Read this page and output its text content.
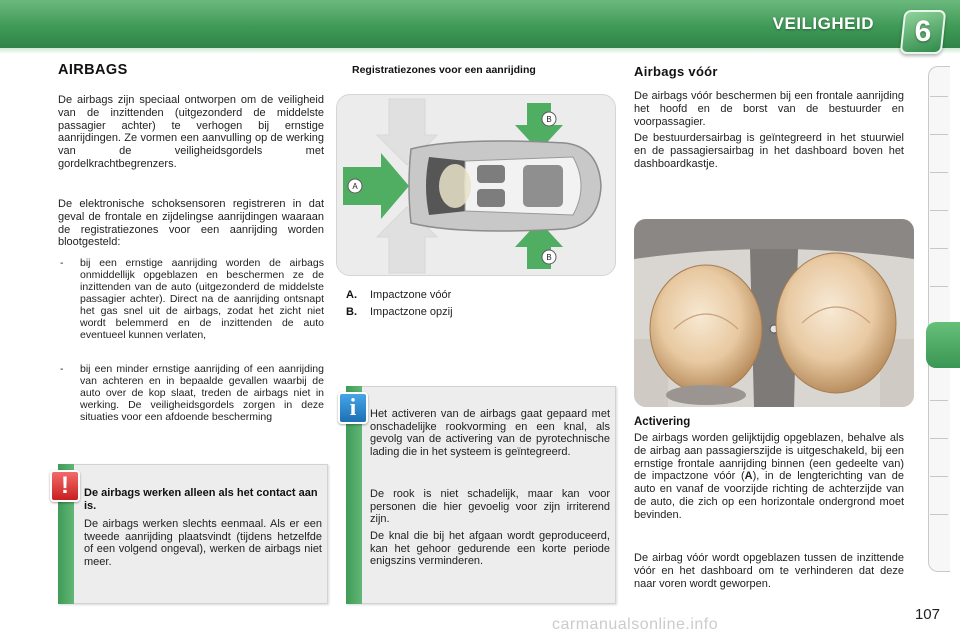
VEILIGHEID	6
AIRBAGS
De airbags zijn speciaal ontworpen om de veiligheid van de inzittenden (uitgezonderd de middelste passagier achter) te verhogen bij ernstige aanrijdingen. Ze vormen een aanvulling op de werking van de veiligheidsgordels met gordelkrachtbegrenzers.
De elektronische schoksensoren registreren in dat geval de frontale en zijdelingse aanrijdingen waaraan de registratiezones voor een aanrijding worden blootgesteld:
-	bij een ernstige aanrijding worden de airbags onmiddellijk opgeblazen en beschermen ze de inzittenden van de auto (uitgezonderd de middelste passagier achter). Direct na de aanrijding ontsnapt het gas snel uit de airbags, zodat het zicht niet wordt belemmerd en de inzittenden de auto eventueel kunnen verlaten,
-	bij een minder ernstige aanrijding of een aanrijding van achteren en in bepaalde gevallen waarbij de auto over de kop slaat, treden de airbags niet in werking. De veiligheidsgordels zorgen in deze situaties voor een afdoende bescherming
!	De airbags werken alleen als het contact aan is.
De airbags werken slechts eenmaal. Als er een tweede aanrijding plaatsvindt (tijdens hetzelfde of een volgend ongeval), werken de airbags niet meer.
Registratiezones voor een aanrijding
A
B
B
A.	Impactzone vóór
B.	Impactzone opzij
i	Het activeren van de airbags gaat gepaard met onschadelijke rookvorming en een knal, als gevolg van de activering van de pyrotechnische lading die in het systeem is geïntegreerd.
De rook is niet schadelijk, maar kan voor personen die hier gevoelig voor zijn irriterend zijn.
De knal die bij het afgaan wordt geproduceerd, kan het gehoor gedurende een korte periode enigszins verminderen.
Airbags vóór
De airbags vóór beschermen bij een frontale aanrijding het hoofd en de borst van de bestuurder en voorpassagier.
De bestuurdersairbag is geïntegreerd in het stuurwiel en de passagiersairbag in het dashboard boven het dashboardkastje.
Activering
De airbags worden gelijktijdig opgeblazen, behalve als de airbag aan passagierszijde is uitgeschakeld, bij een ernstige frontale aanrijding binnen (een gedeelte van) de impactzone vóór (A), in de lengterichting van de auto en vanaf de voorzijde richting de achterzijde van de auto, die zich op een horizontale ondergrond moet bevinden.
De airbag vóór wordt opgeblazen tussen de inzittende vóór en het dashboard om te verhinderen dat deze naar voren wordt geworpen.
107
carmanualsonline.info
